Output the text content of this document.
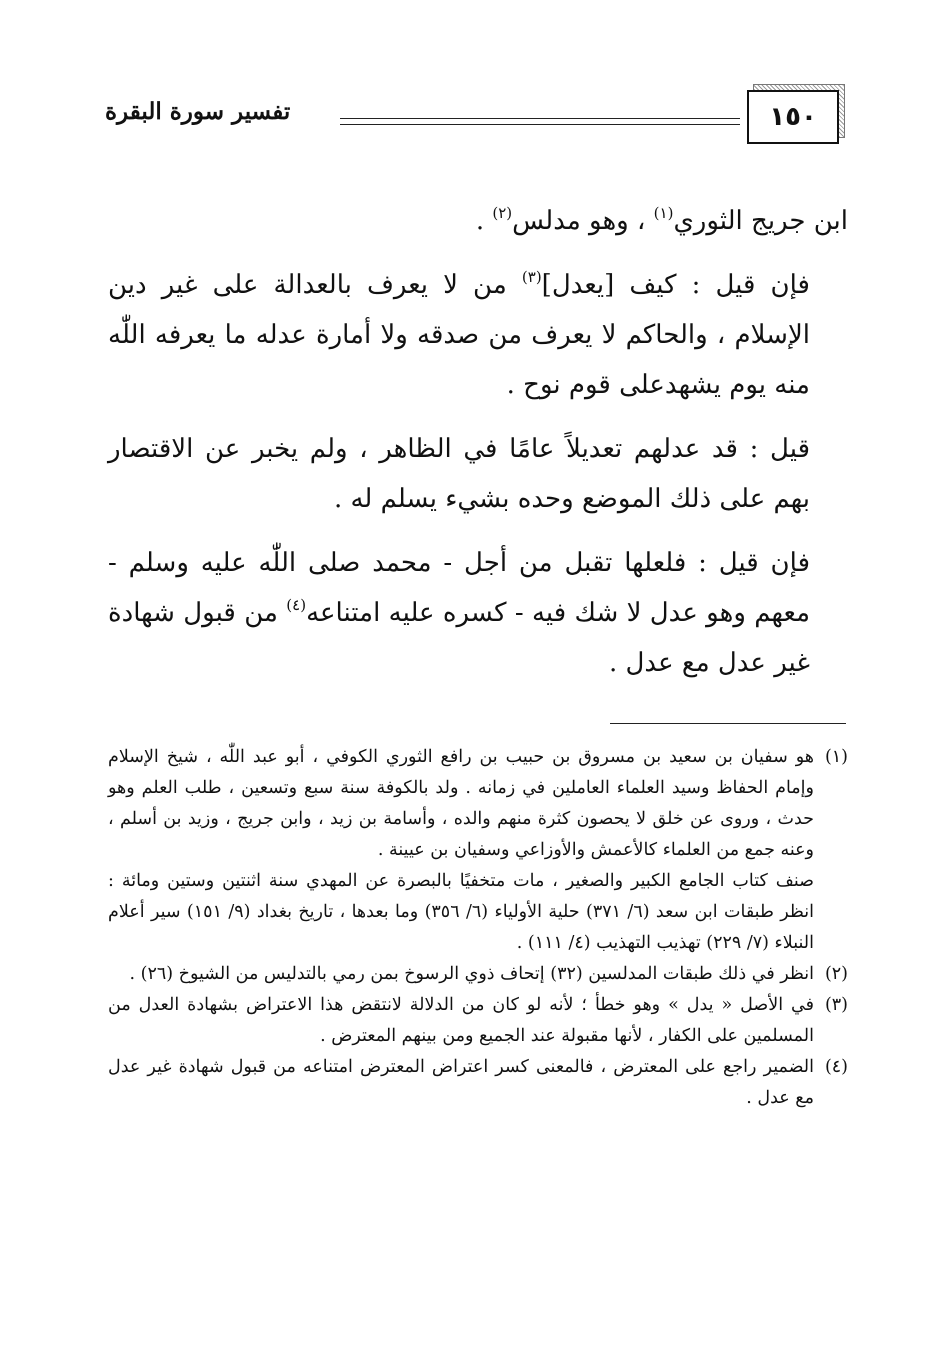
١٥٠
تفسير سورة البقرة

ابن جريج الثوري$^{(١)}$ ، وهو مدلس$^{(٢)}$ .

فإن قيل : كيف [يعدل]$^{(٣)}$ من لا يعرف بالعدالة على غير دين الإسلام ، والحاكم لا يعرف من صدقه ولا أمارة عدله ما يعرفه اللّٰه منه يوم يشهدعلى قوم نوح .

قيل : قد عدلهم تعديلاً عامًا في الظاهر ، ولم يخبر عن الاقتصار بهم على ذلك الموضع وحده بشيء يسلم له .

فإن قيل : فلعلها تقبل من أجل - محمد صلى اللّٰه عليه وسلم - معهم وهو عدل لا شك فيه - كسره عليه امتناعه$^{(٤)}$ من قبول شهادة غير عدل مع عدل .

(١)
هو سفيان بن سعيد بن مسروق بن حبيب بن رافع الثوري الكوفي ، أبو عبد اللّٰه ، شيخ الإسلام وإمام الحفاظ وسيد العلماء العاملين في زمانه . ولد بالكوفة سنة سبع وتسعين ، طلب العلم وهو حدث ، وروى عن خلق لا يحصون كثرة منهم والده ، وأسامة بن زيد ، وابن جريج ، وزيد بن أسلم ، وعنه جمع من العلماء كالأعمش والأوزاعي وسفيان بن عيينة .
صنف كتاب الجامع الكبير والصغير ، مات متخفيًا بالبصرة عن المهدي سنة اثنتين وستين ومائة : انظر طبقات ابن سعد (٦/ ٣٧١) حلية الأولياء (٦/ ٣٥٦) وما بعدها ، تاريخ بغداد (٩/ ١٥١) سير أعلام النبلاء (٧/ ٢٢٩) تهذيب التهذيب (٤/ ١١١) .
(٢)
انظر في ذلك طبقات المدلسين (٣٢) إتحاف ذوي الرسوخ بمن رمي بالتدليس من الشيوخ (٢٦) .
(٣)
في الأصل « يدل » وهو خطأ ؛ لأنه لو كان من الدلالة لانتقض هذا الاعتراض بشهادة العدل من المسلمين على الكفار ، لأنها مقبولة عند الجميع ومن بينهم المعترض .
(٤)
الضمير راجع على المعترض ، فالمعنى كسر اعتراض المعترض امتناعه من قبول شهادة غير عدل مع عدل .
